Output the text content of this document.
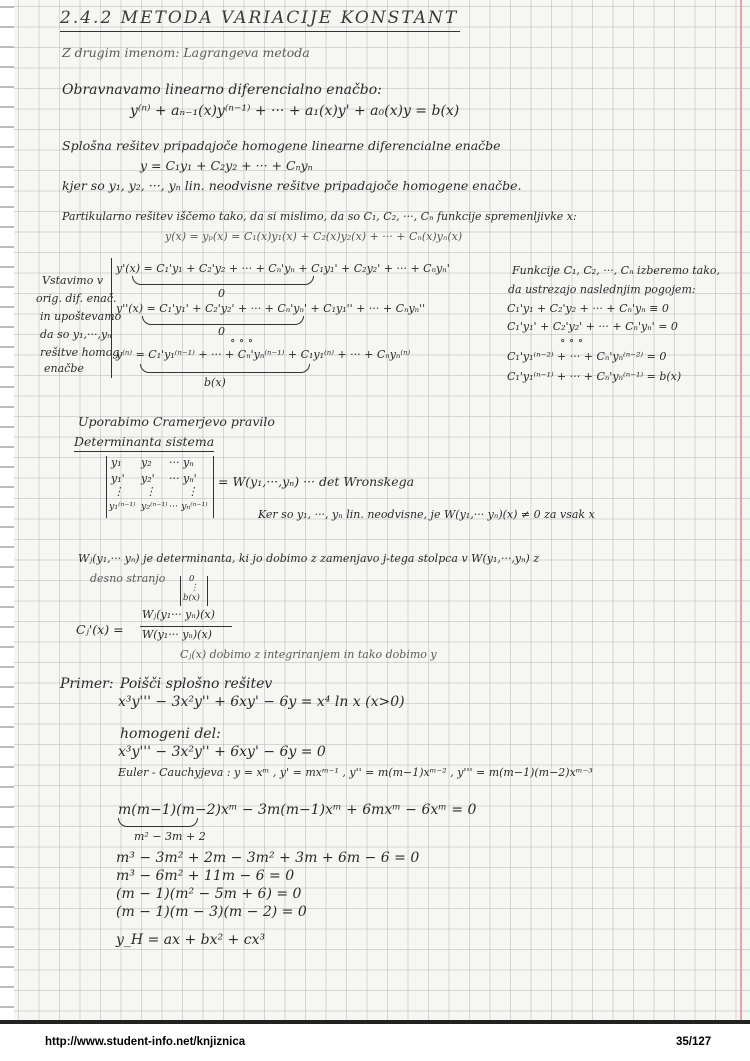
2.4.2 METODA VARIACIJE KONSTANT
Z drugim imenom: Lagrangeva metoda
Obravnavamo linearno diferencialno enačbo:
y⁽ⁿ⁾ + aₙ₋₁(x)y⁽ⁿ⁻¹⁾ + ··· + a₁(x)y' + a₀(x)y = b(x)
Splošna rešitev pripadajoče homogene linearne diferencialne enačbe
y = C₁y₁ + C₂y₂ + ··· + Cₙyₙ
kjer so y₁, y₂, ···, yₙ lin. neodvisne rešitve pripadajoče homogene enačbe.
Partikularno rešitev iščemo tako, da si mislimo, da so C₁, C₂, ···, Cₙ funkcije spremenljivke x:
y(x) = yₚ(x) = C₁(x)y₁(x) + C₂(x)y₂(x) + ··· + Cₙ(x)yₙ(x)
Vstavimo v
orig. dif. enač.
in upoštevamo
da so y₁,···,yₙ
rešitve homog.
enačbe
y'(x) = C₁'y₁ + C₂'y₂ + ··· + Cₙ'yₙ + C₁y₁' + C₂y₂' + ··· + Cₙyₙ'
0
y''(x) = C₁'y₁' + C₂'y₂' + ··· + Cₙ'yₙ' + C₁y₁'' + ··· + Cₙyₙ''
0
∘ ∘ ∘
y⁽ⁿ⁾ = C₁'y₁⁽ⁿ⁻¹⁾ + ··· + Cₙ'yₙ⁽ⁿ⁻¹⁾ + C₁y₁⁽ⁿ⁾ + ··· + Cₙyₙ⁽ⁿ⁾
b(x)
Funkcije C₁, C₂, ···, Cₙ izberemo tako,
da ustrezajo naslednjim pogojem:
C₁'y₁ + C₂'y₂ + ··· + Cₙ'yₙ ≡ 0
C₁'y₁' + C₂'y₂' + ··· + Cₙ'yₙ' = 0
∘ ∘ ∘
C₁'y₁⁽ⁿ⁻²⁾ + ··· + Cₙ'yₙ⁽ⁿ⁻²⁾ = 0
C₁'y₁⁽ⁿ⁻¹⁾ + ··· + Cₙ'yₙ⁽ⁿ⁻¹⁾ = b(x)
Uporabimo Cramerjevo pravilo
Determinanta sistema
y₁ y₂ ··· yₙ
y₁' y₂' ··· yₙ'
⋮ ⋮	⋮
y₁⁽ⁿ⁻¹⁾ y₂⁽ⁿ⁻¹⁾ ··· yₙ⁽ⁿ⁻¹⁾
= W(y₁,···,yₙ) ··· det Wronskega
Ker so y₁, ···, yₙ lin. neodvisne, je W(y₁,··· yₙ)(x) ≠ 0 za vsak x
Wⱼ(y₁,··· yₙ) je determinanta, ki jo dobimo z zamenjavo j-tega stolpca v W(y₁,···,yₙ) z
desno stranjo	0
⋮
b(x)
Cⱼ'(x) =
Wⱼ(y₁··· yₙ)(x)
W(y₁··· yₙ)(x)
Cⱼ(x) dobimo z integriranjem in tako dobimo y
Primer: Poišči splošno rešitev
x³y''' − 3x²y'' + 6xy' − 6y = x⁴ ln x (x>0)
homogeni del:
x³y''' − 3x²y'' + 6xy' − 6y = 0
Euler - Cauchyjeva : y = xᵐ , y' = mxᵐ⁻¹ , y'' = m(m−1)xᵐ⁻² , y''' = m(m−1)(m−2)xᵐ⁻³
m(m−1)(m−2)xᵐ − 3m(m−1)xᵐ + 6mxᵐ − 6xᵐ = 0
m² − 3m + 2
m³ − 3m² + 2m − 3m² + 3m + 6m − 6 = 0
m³ − 6m² + 11m − 6 = 0
(m − 1)(m² − 5m + 6) = 0
(m − 1)(m − 3)(m − 2) = 0
y_H = ax + bx² + cx³
http://www.student-info.net/knjiznica	35/127
